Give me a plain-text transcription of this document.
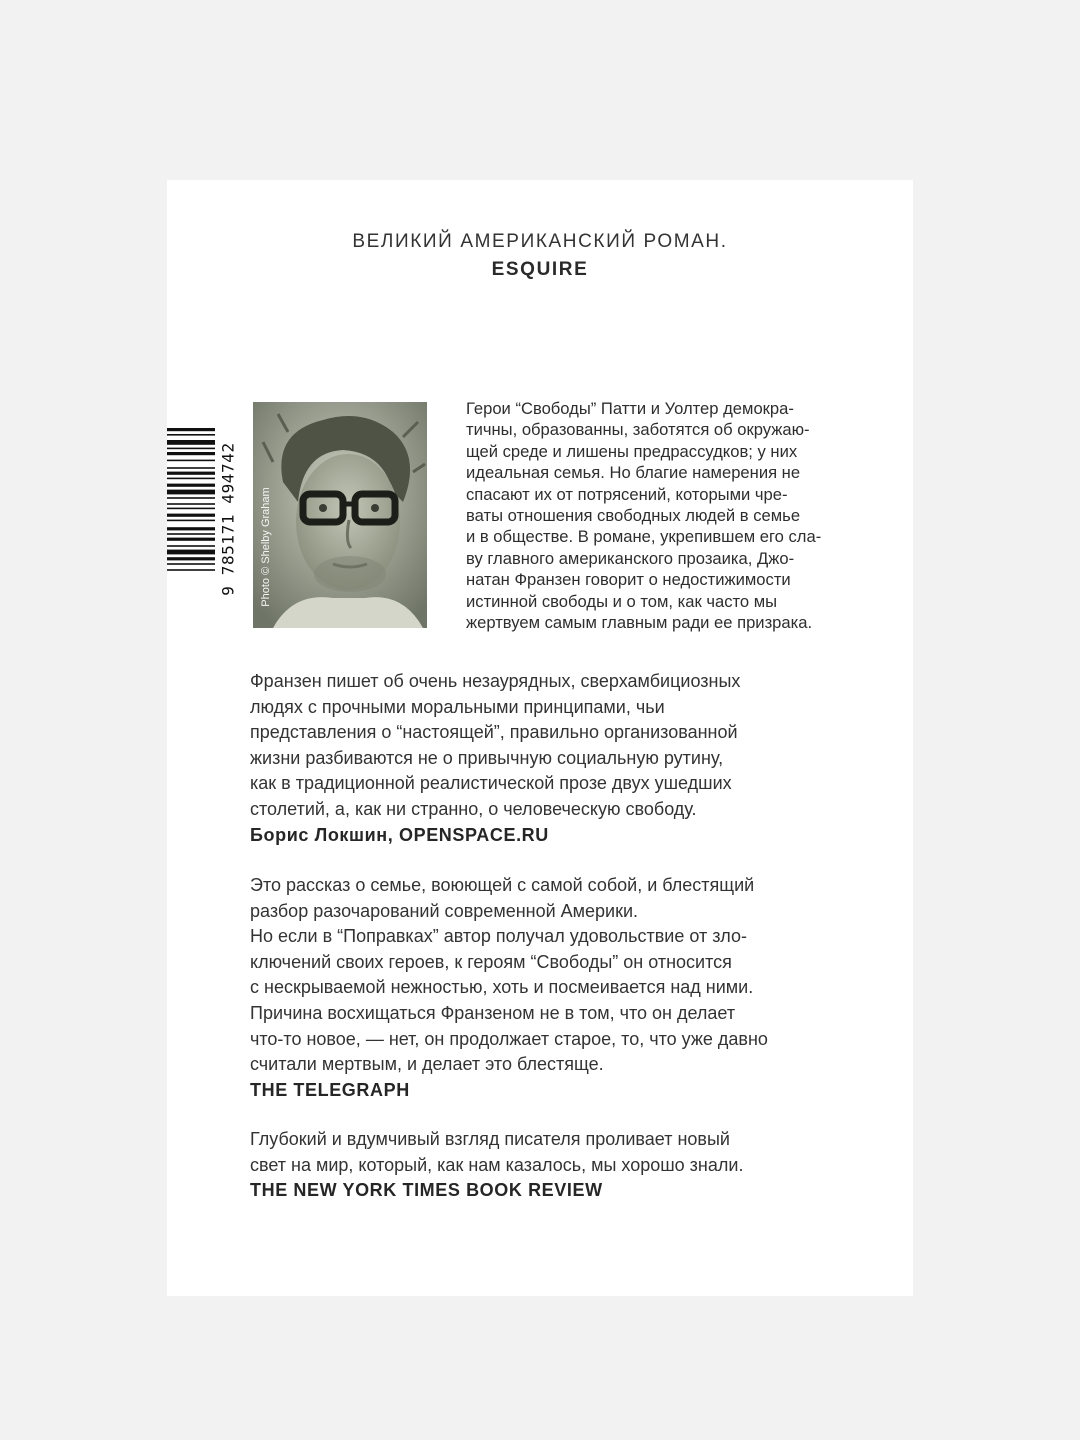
ВЕЛИКИЙ АМЕРИКАНСКИЙ РОМАН.
ESQUIRE
9 785171 494742 Photo © Shelby Graham
Герои “Свободы” Патти и Уолтер демокра-
тичны, образованны, заботятся об окружаю-
щей среде и лишены предрассудков; у них
идеальная семья. Но благие намерения не
спасают их от потрясений, которыми чре-
ваты отношения свободных людей в семье
и в обществе. В романе, укрепившем его сла-
ву главного американского прозаика, Джо-
натан Франзен говорит о недостижимости
истинной свободы и о том, как часто мы
жертвуем самым главным ради ее призрака.
Франзен пишет об очень незаурядных, сверхамбициозных
людях с прочными моральными принципами, чьи
представления о “настоящей”, правильно организованной
жизни разбиваются не о привычную социальную рутину,
как в традиционной реалистической прозе двух ушедших
столетий, а, как ни странно, о человеческую свободу.
Борис Локшин, OPENSPACE.RU
Это рассказ о семье, воюющей с самой собой, и блестящий
разбор разочарований современной Америки.
Но если в “Поправках” автор получал удовольствие от зло-
ключений своих героев, к героям “Свободы” он относится
с нескрываемой нежностью, хоть и посмеивается над ними.
Причина восхищаться Франзеном не в том, что он делает
что-то новое, — нет, он продолжает старое, то, что уже давно
считали мертвым, и делает это блестяще.
THE TELEGRAPH
Глубокий и вдумчивый взгляд писателя проливает новый
свет на мир, который, как нам казалось, мы хорошо знали.
THE NEW YORK TIMES BOOK REVIEW
